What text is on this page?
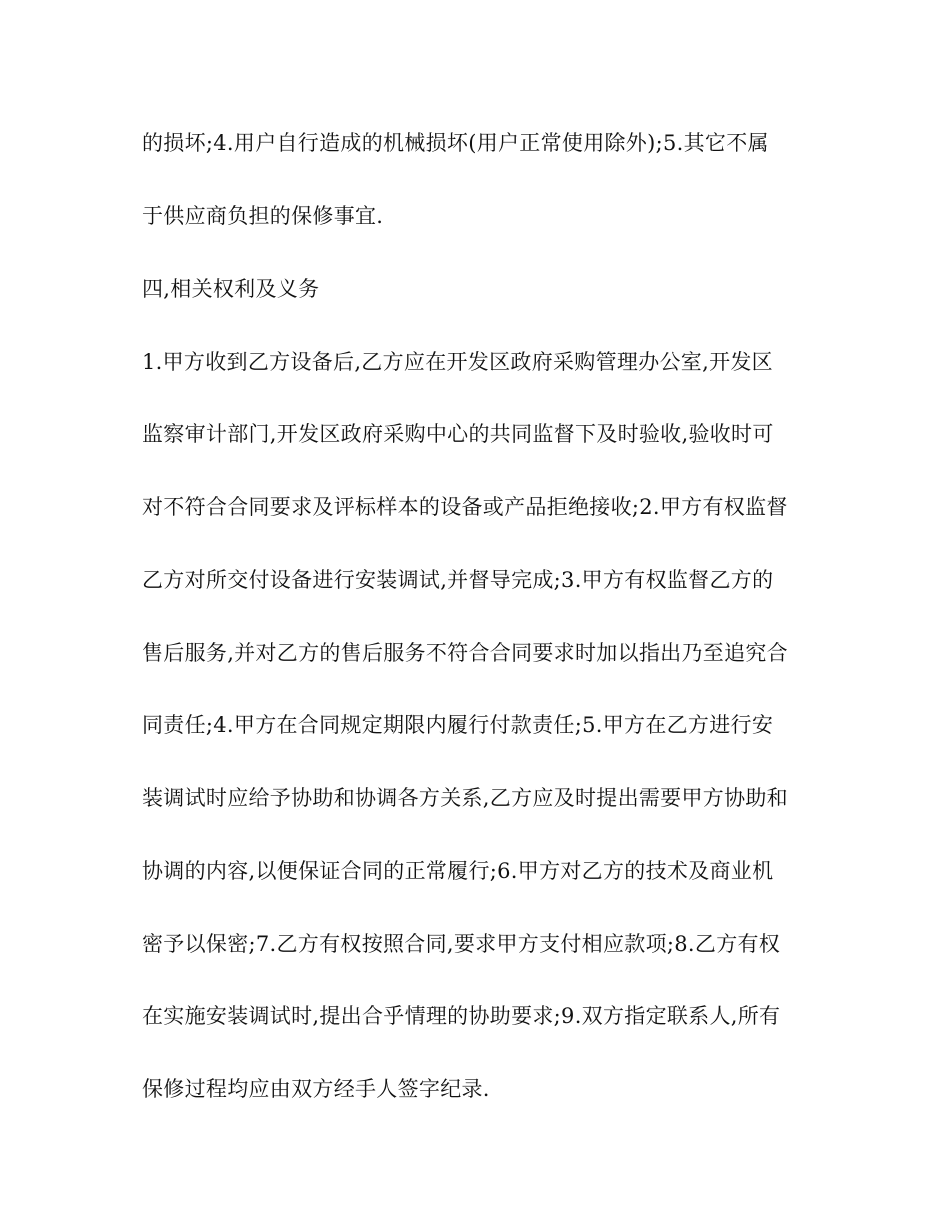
的损坏;4.用户自行造成的机械损坏(用户正常使用除外);5.其它不属
于供应商负担的保修事宜.
四,相关权利及义务
1.甲方收到乙方设备后,乙方应在开发区政府采购管理办公室,开发区
监察审计部门,开发区政府采购中心的共同监督下及时验收,验收时可
对不符合合同要求及评标样本的设备或产品拒绝接收;2.甲方有权监督
乙方对所交付设备进行安装调试,并督导完成;3.甲方有权监督乙方的
售后服务,并对乙方的售后服务不符合合同要求时加以指出乃至追究合
同责任;4.甲方在合同规定期限内履行付款责任;5.甲方在乙方进行安
装调试时应给予协助和协调各方关系,乙方应及时提出需要甲方协助和
协调的内容,以便保证合同的正常履行;6.甲方对乙方的技术及商业机
密予以保密;7.乙方有权按照合同,要求甲方支付相应款项;8.乙方有权
在实施安装调试时,提出合乎情理的协助要求;9.双方指定联系人,所有
保修过程均应由双方经手人签字纪录.
